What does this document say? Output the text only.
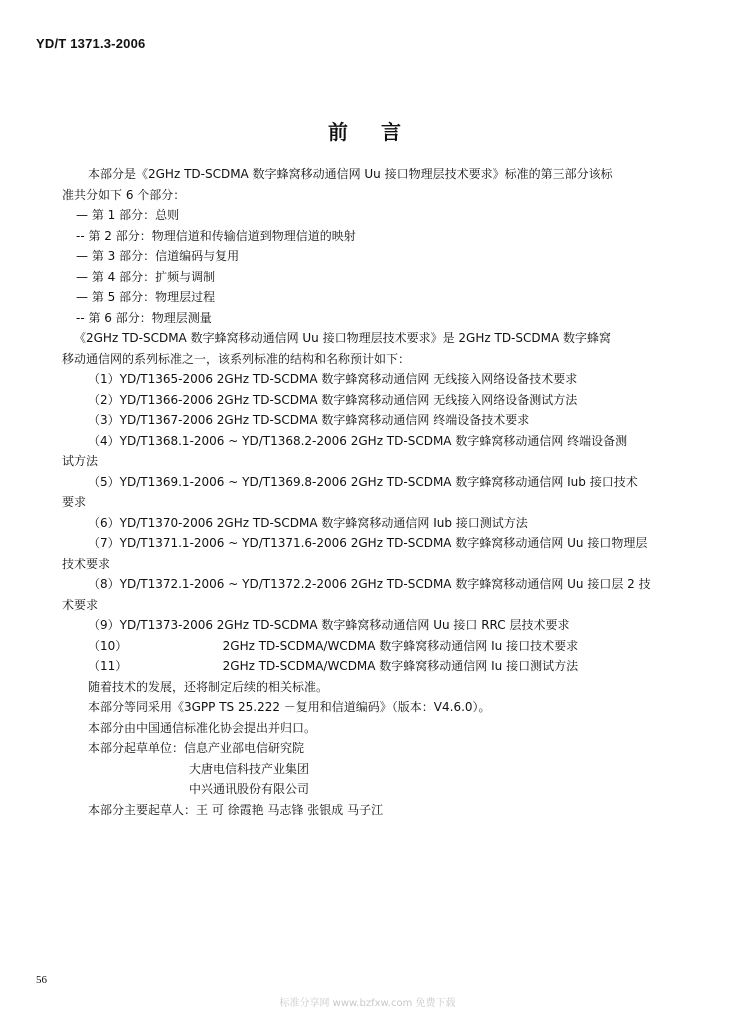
YD/T 1371.3-2006
前 言
本部分是《2GHz TD-SCDMA 数字蜂窝移动通信网 Uu 接口物理层技术要求》标准的第三部分该标
准共分如下 6 个部分：
— 第 1 部分：总则
-- 第 2 部分：物理信道和传输信道到物理信道的映射
— 第 3 部分：信道编码与复用
— 第 4 部分：扩频与调制
— 第 5 部分：物理层过程
-- 第 6 部分：物理层测量
《2GHz TD-SCDMA 数字蜂窝移动通信网 Uu 接口物理层技术要求》是 2GHz TD-SCDMA 数字蜂窝
移动通信网的系列标准之一，该系列标准的结构和名称预计如下：
（1）YD/T1365-2006 2GHz TD-SCDMA 数字蜂窝移动通信网 无线接入网络设备技术要求
（2）YD/T1366-2006 2GHz TD-SCDMA 数字蜂窝移动通信网 无线接入网络设备测试方法
（3）YD/T1367-2006 2GHz TD-SCDMA 数字蜂窝移动通信网 终端设备技术要求
（4）YD/T1368.1-2006 ~ YD/T1368.2-2006 2GHz TD-SCDMA 数字蜂窝移动通信网 终端设备测
试方法
（5）YD/T1369.1-2006 ~ YD/T1369.8-2006 2GHz TD-SCDMA 数字蜂窝移动通信网 Iub 接口技术
要求
（6）YD/T1370-2006 2GHz TD-SCDMA 数字蜂窝移动通信网 Iub 接口测试方法
（7）YD/T1371.1-2006 ~ YD/T1371.6-2006 2GHz TD-SCDMA 数字蜂窝移动通信网 Uu 接口物理层
技术要求
（8）YD/T1372.1-2006 ~ YD/T1372.2-2006 2GHz TD-SCDMA 数字蜂窝移动通信网 Uu 接口层 2 技
术要求
（9）YD/T1373-2006 2GHz TD-SCDMA 数字蜂窝移动通信网 Uu 接口 RRC 层技术要求
（10）                         2GHz TD-SCDMA/WCDMA 数字蜂窝移动通信网 Iu 接口技术要求
（11）                         2GHz TD-SCDMA/WCDMA 数字蜂窝移动通信网 Iu 接口测试方法
随着技术的发展，还将制定后续的相关标准。
本部分等同采用《3GPP TS 25.222 －复用和信道编码》（版本：V4.6.0）。
本部分由中国通信标准化协会提出并归口。
本部分起草单位：信息产业部电信研究院
大唐电信科技产业集团
中兴通讯股份有限公司
本部分主要起草人：王 可 徐霞艳 马志锋 张银成 马子江
56
标准分享网 www.bzfxw.com 免费下载
